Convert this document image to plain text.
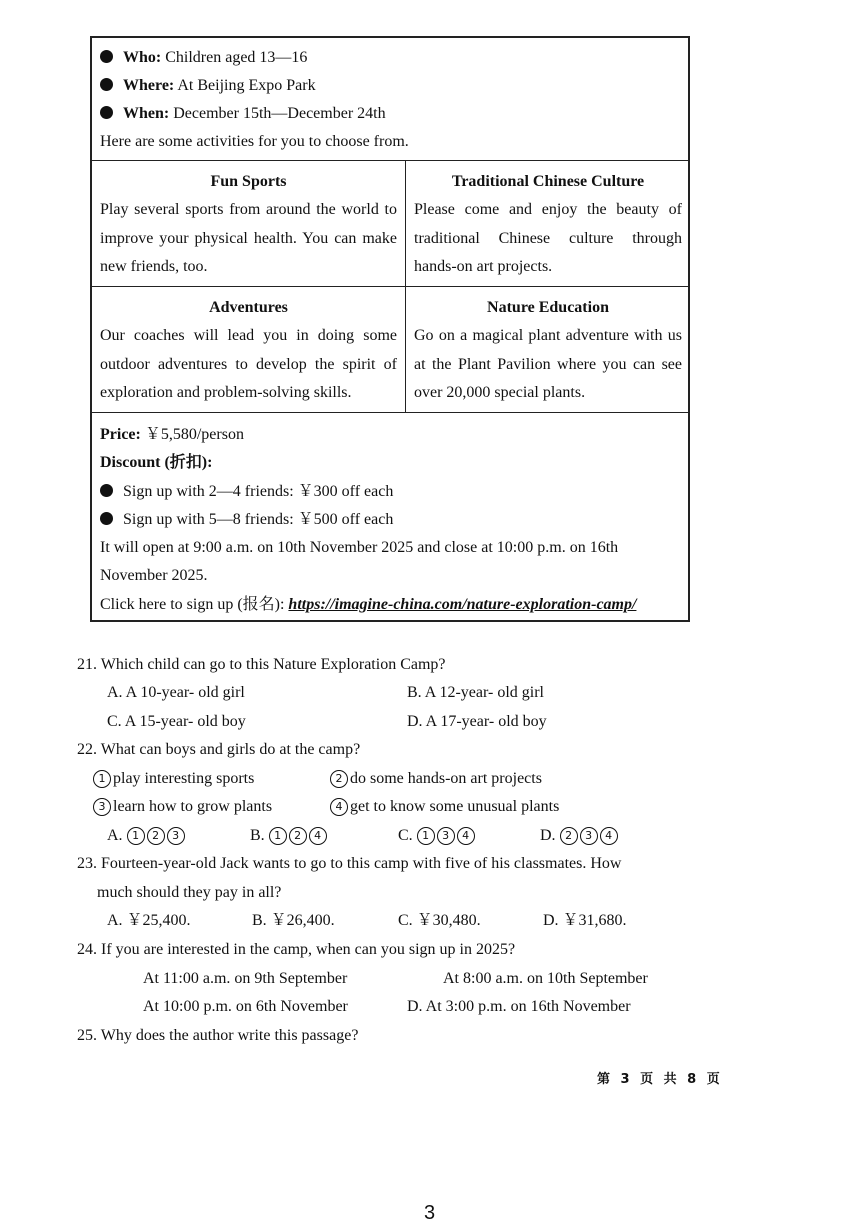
Who: Children aged 13—16
Where: At Beijing Expo Park
When: December 15th—December 24th
Here are some activities for you to choose from.
Fun Sports
Play several sports from around the world to improve your physical health. You can make new friends, too.
Traditional Chinese Culture
Please come and enjoy the beauty of traditional Chinese culture through hands-on art projects.
Adventures
Our coaches will lead you in doing some outdoor adventures to develop the spirit of exploration and problem-solving skills.
Nature Education
Go on a magical plant adventure with us at the Plant Pavilion where you can see over 20,000 special plants.
Price: ￥5,580/person
Discount (折扣):
Sign up with 2—4 friends: ￥300 off each
Sign up with 5—8 friends: ￥500 off each
It will open at 9:00 a.m. on 10th November 2025 and close at 10:00 p.m. on 16th
November 2025.
Click here to sign up (报名): https://imagine-china.com/nature-exploration-camp/
21. Which child can go to this Nature Exploration Camp?
A. A 10-year- old girl	B. A 12-year- old girl
C. A 15-year- old boy	D. A 17-year- old boy
22. What can boys and girls do at the camp?
1 play interesting sports	2 do some hands-on art projects
3 learn how to grow plants	4 get to know some unusual plants
A. 1 2 3	B. 1 2 4	C. 1 3 4	D. 2 3 4
23. Fourteen-year-old Jack wants to go to this camp with five of his classmates. How
much should they pay in all?
A. ￥25,400.	B. ￥26,400.	C. ￥30,480.	D. ￥31,680.
24. If you are interested in the camp, when can you sign up in 2025?
At 11:00 a.m. on 9th September	At 8:00 a.m. on 10th September
At 10:00 p.m. on 6th November	D. At 3:00 p.m. on 16th November
25. Why does the author write this passage?
第 3 页 共 8 页
3
